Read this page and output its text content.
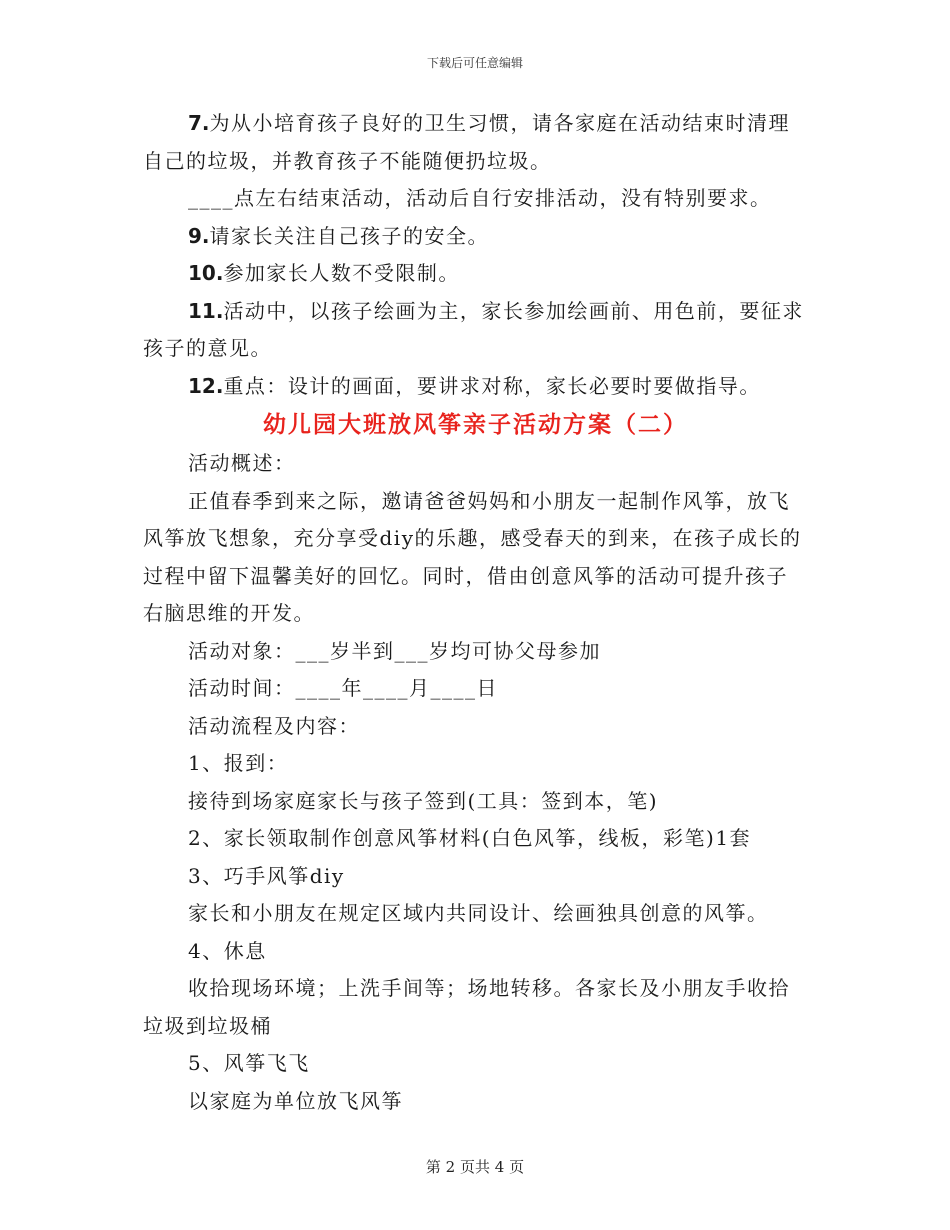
下载后可任意编辑

7.为从小培育孩子良好的卫生习惯，请各家庭在活动结束时清理自己的垃圾，并教育孩子不能随便扔垃圾。

____点左右结束活动，活动后自行安排活动，没有特别要求。

9.请家长关注自己孩子的安全。

10.参加家长人数不受限制。

11.活动中，以孩子绘画为主，家长参加绘画前、用色前，要征求孩子的意见。

12.重点：设计的画面，要讲求对称，家长必要时要做指导。

幼儿园大班放风筝亲子活动方案（二）

活动概述：

正值春季到来之际，邀请爸爸妈妈和小朋友一起制作风筝，放飞风筝放飞想象，充分享受diy的乐趣，感受春天的到来，在孩子成长的过程中留下温馨美好的回忆。同时，借由创意风筝的活动可提升孩子右脑思维的开发。

活动对象：___岁半到___岁均可协父母参加

活动时间：____年____月____日

活动流程及内容：

1、报到：

接待到场家庭家长与孩子签到(工具：签到本，笔)

2、家长领取制作创意风筝材料(白色风筝，线板，彩笔)1套

3、巧手风筝diy

家长和小朋友在规定区域内共同设计、绘画独具创意的风筝。

4、休息

收拾现场环境；上洗手间等；场地转移。各家长及小朋友手收拾垃圾到垃圾桶

5、风筝飞飞

以家庭为单位放飞风筝

第 2 页共 4 页
